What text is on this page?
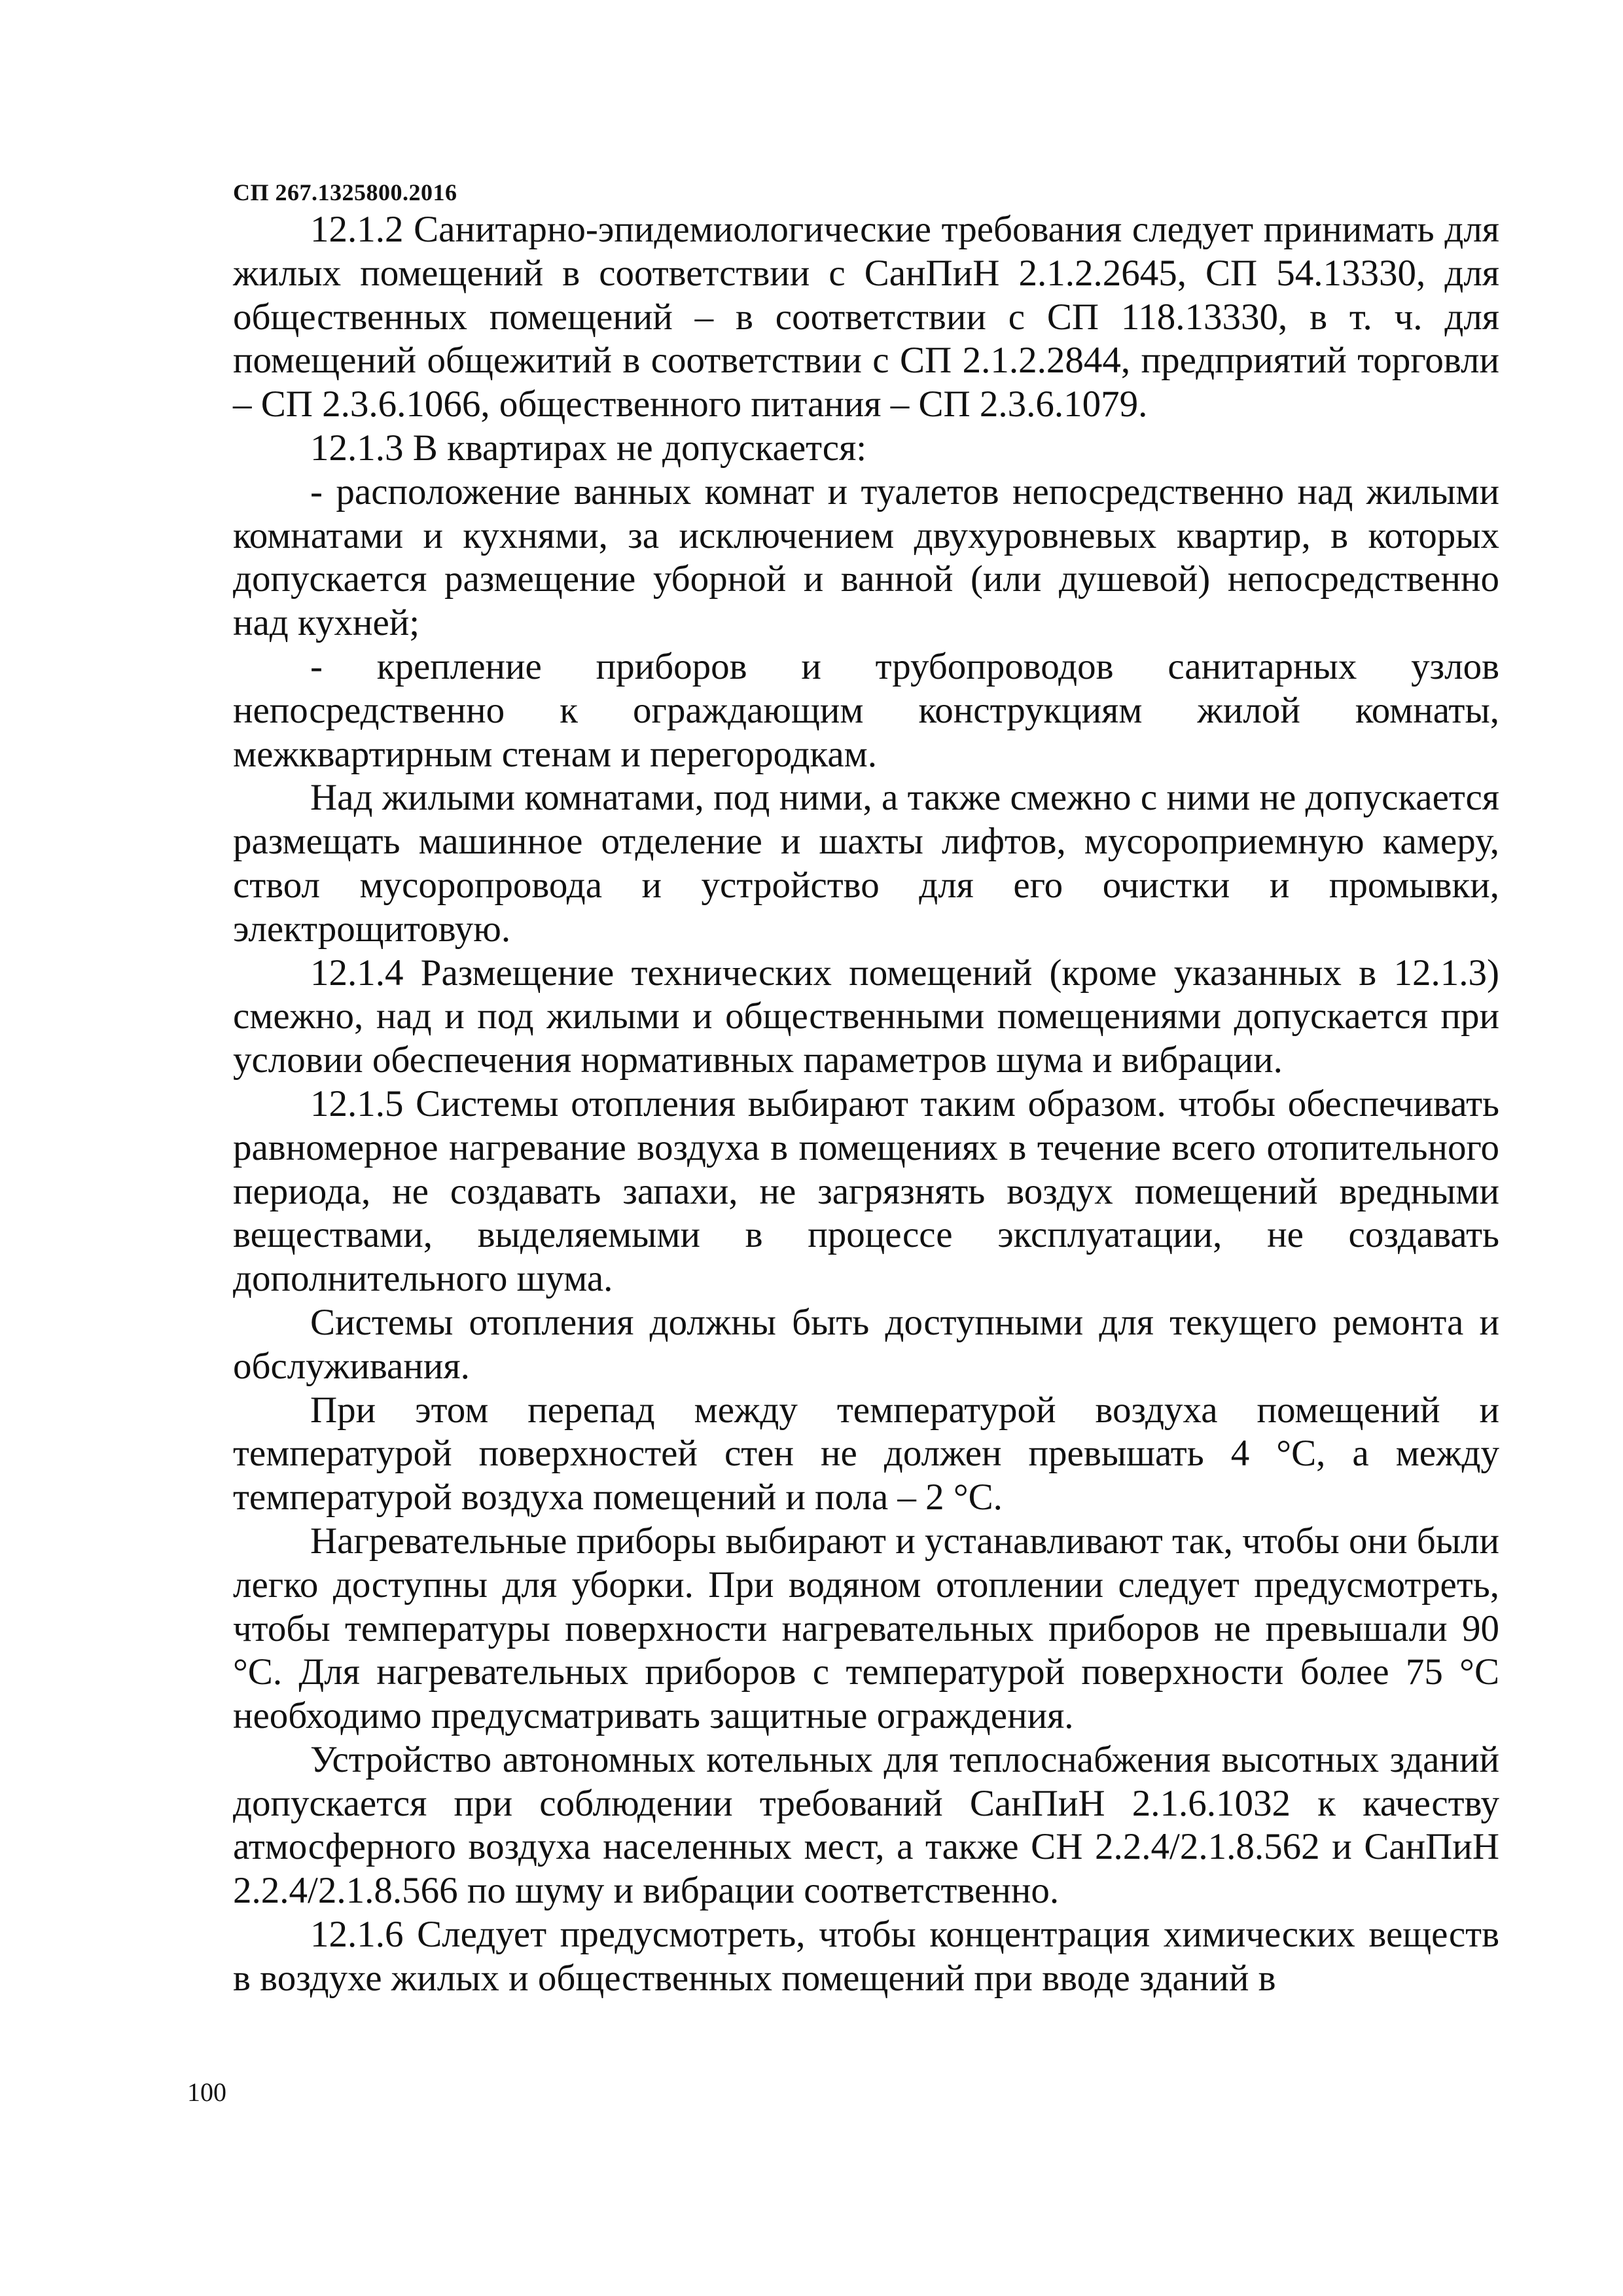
СП 267.1325800.2016

12.1.2 Санитарно-эпидемиологические требования следует принимать для жилых помещений в соответствии с СанПиН 2.1.2.2645, СП 54.13330, для общественных помещений – в соответствии с СП 118.13330, в т. ч. для помещений общежитий в соответствии с СП 2.1.2.2844, предприятий торговли – СП 2.3.6.1066, общественного питания – СП 2.3.6.1079.

12.1.3 В квартирах не допускается:

- расположение ванных комнат и туалетов непосредственно над жилыми комнатами и кухнями, за исключением двухуровневых квартир, в которых допускается размещение уборной и ванной (или душевой) непосредственно над кухней;

- крепление приборов и трубопроводов санитарных узлов непосредственно к ограждающим конструкциям жилой комнаты, межквартирным стенам и перегородкам.

Над жилыми комнатами, под ними, а также смежно с ними не допускается размещать машинное отделение и шахты лифтов, мусороприемную камеру, ствол мусоропровода и устройство для его очистки и промывки, электрощитовую.

12.1.4 Размещение технических помещений (кроме указанных в 12.1.3) смежно, над и под жилыми и общественными помещениями допускается при условии обеспечения нормативных параметров шума и вибрации.

12.1.5 Системы отопления выбирают таким образом. чтобы обеспечивать равномерное нагревание воздуха в помещениях в течение всего отопительного периода, не создавать запахи, не загрязнять воздух помещений вредными веществами, выделяемыми в процессе эксплуатации, не создавать дополнительного шума.

Системы отопления должны быть доступными для текущего ремонта и обслуживания.

При этом перепад между температурой воздуха помещений и температурой поверхностей стен не должен превышать 4 °С, а между температурой воздуха помещений и пола – 2 °С.

Нагревательные приборы выбирают и устанавливают так, чтобы они были легко доступны для уборки. При водяном отоплении следует предусмотреть, чтобы температуры поверхности нагревательных приборов не превышали 90 °С. Для нагревательных приборов с температурой поверхности более 75 °С необходимо предусматривать защитные ограждения.

Устройство автономных котельных для теплоснабжения высотных зданий допускается при соблюдении требований СанПиН 2.1.6.1032 к качеству атмосферного воздуха населенных мест, а также СН 2.2.4/2.1.8.562 и СанПиН 2.2.4/2.1.8.566 по шуму и вибрации соответственно.

12.1.6 Следует предусмотреть, чтобы концентрация химических веществ в воздухе жилых и общественных помещений при вводе зданий в

100
